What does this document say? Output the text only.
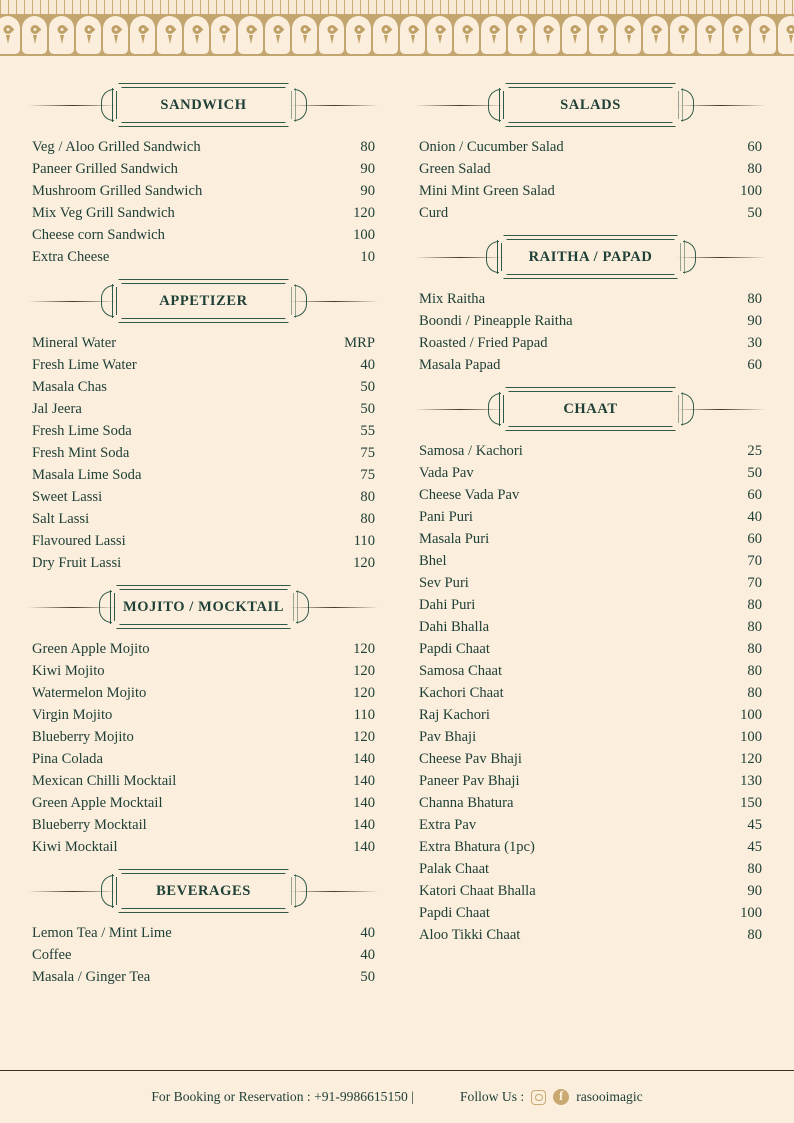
SANDWICH
Veg / Aloo Grilled Sandwich	80
Paneer Grilled Sandwich	90
Mushroom Grilled Sandwich	90
Mix Veg Grill Sandwich	120
Cheese corn Sandwich	100
Extra Cheese	10
APPETIZER
Mineral Water	MRP
Fresh Lime Water	40
Masala Chas	50
Jal Jeera	50
Fresh Lime Soda	55
Fresh Mint Soda	75
Masala Lime Soda	75
Sweet Lassi	80
Salt Lassi	80
Flavoured Lassi	110
Dry Fruit Lassi	120
MOJITO / MOCKTAIL
Green Apple Mojito	120
Kiwi Mojito	120
Watermelon Mojito	120
Virgin Mojito	110
Blueberry Mojito	120
Pina Colada	140
Mexican Chilli Mocktail	140
Green Apple Mocktail	140
Blueberry Mocktail	140
Kiwi Mocktail	140
BEVERAGES
Lemon Tea / Mint Lime	40
Coffee	40
Masala / Ginger Tea	50
SALADS
Onion / Cucumber Salad	60
Green Salad	80
Mini Mint Green Salad	100
Curd	50
RAITHA / PAPAD
Mix Raitha	80
Boondi / Pineapple Raitha	90
Roasted / Fried Papad	30
Masala Papad	60
CHAAT
Samosa / Kachori	25
Vada Pav	50
Cheese Vada Pav	60
Pani Puri	40
Masala Puri	60
Bhel	70
Sev Puri	70
Dahi Puri	80
Dahi Bhalla	80
Papdi Chaat	80
Samosa Chaat	80
Kachori Chaat	80
Raj Kachori	100
Pav Bhaji	100
Cheese Pav Bhaji	120
Paneer Pav Bhaji	130
Channa Bhatura	150
Extra Pav	45
Extra Bhatura (1pc)	45
Palak Chaat	80
Katori Chaat Bhalla	90
Papdi Chaat	100
Aloo Tikki Chaat	80
For Booking or Reservation : +91-9986615150 |	Follow Us : f	rasooimagic
